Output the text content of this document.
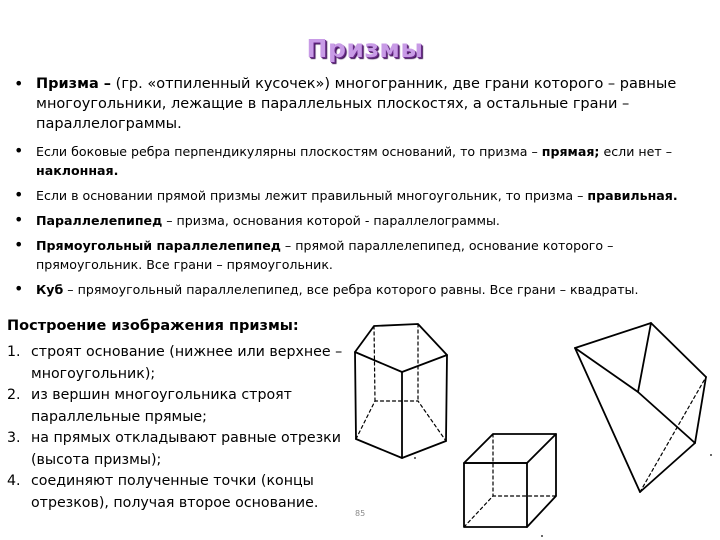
Призмы
• Призма – (гр. «отпиленный кусочек») многогранник, две грани которого – равные многоугольники, лежащие в параллельных плоскостях, а остальные грани – параллелограммы.
• Если боковые ребра перпендикулярны плоскостям оснований, то призма – прямая; если нет – наклонная.
• Если в основании прямой призмы лежит правильный многоугольник, то призма – правильная.
• Параллелепипед – призма, основания которой - параллелограммы.
• Прямоугольный параллелепипед – прямой параллелепипед, основание которого – прямоугольник. Все грани – прямоугольник.
• Куб – прямоугольный параллелепипед, все ребра которого равны. Все грани – квадраты.
Построение изображения призмы:
1. строят основание (нижнее или верхнее – многоугольник);
2. из вершин многоугольника строят параллельные прямые;
3. на прямых откладывают равные отрезки (высота призмы);
4. соединяют полученные точки (концы отрезков), получая второе основание.
85
